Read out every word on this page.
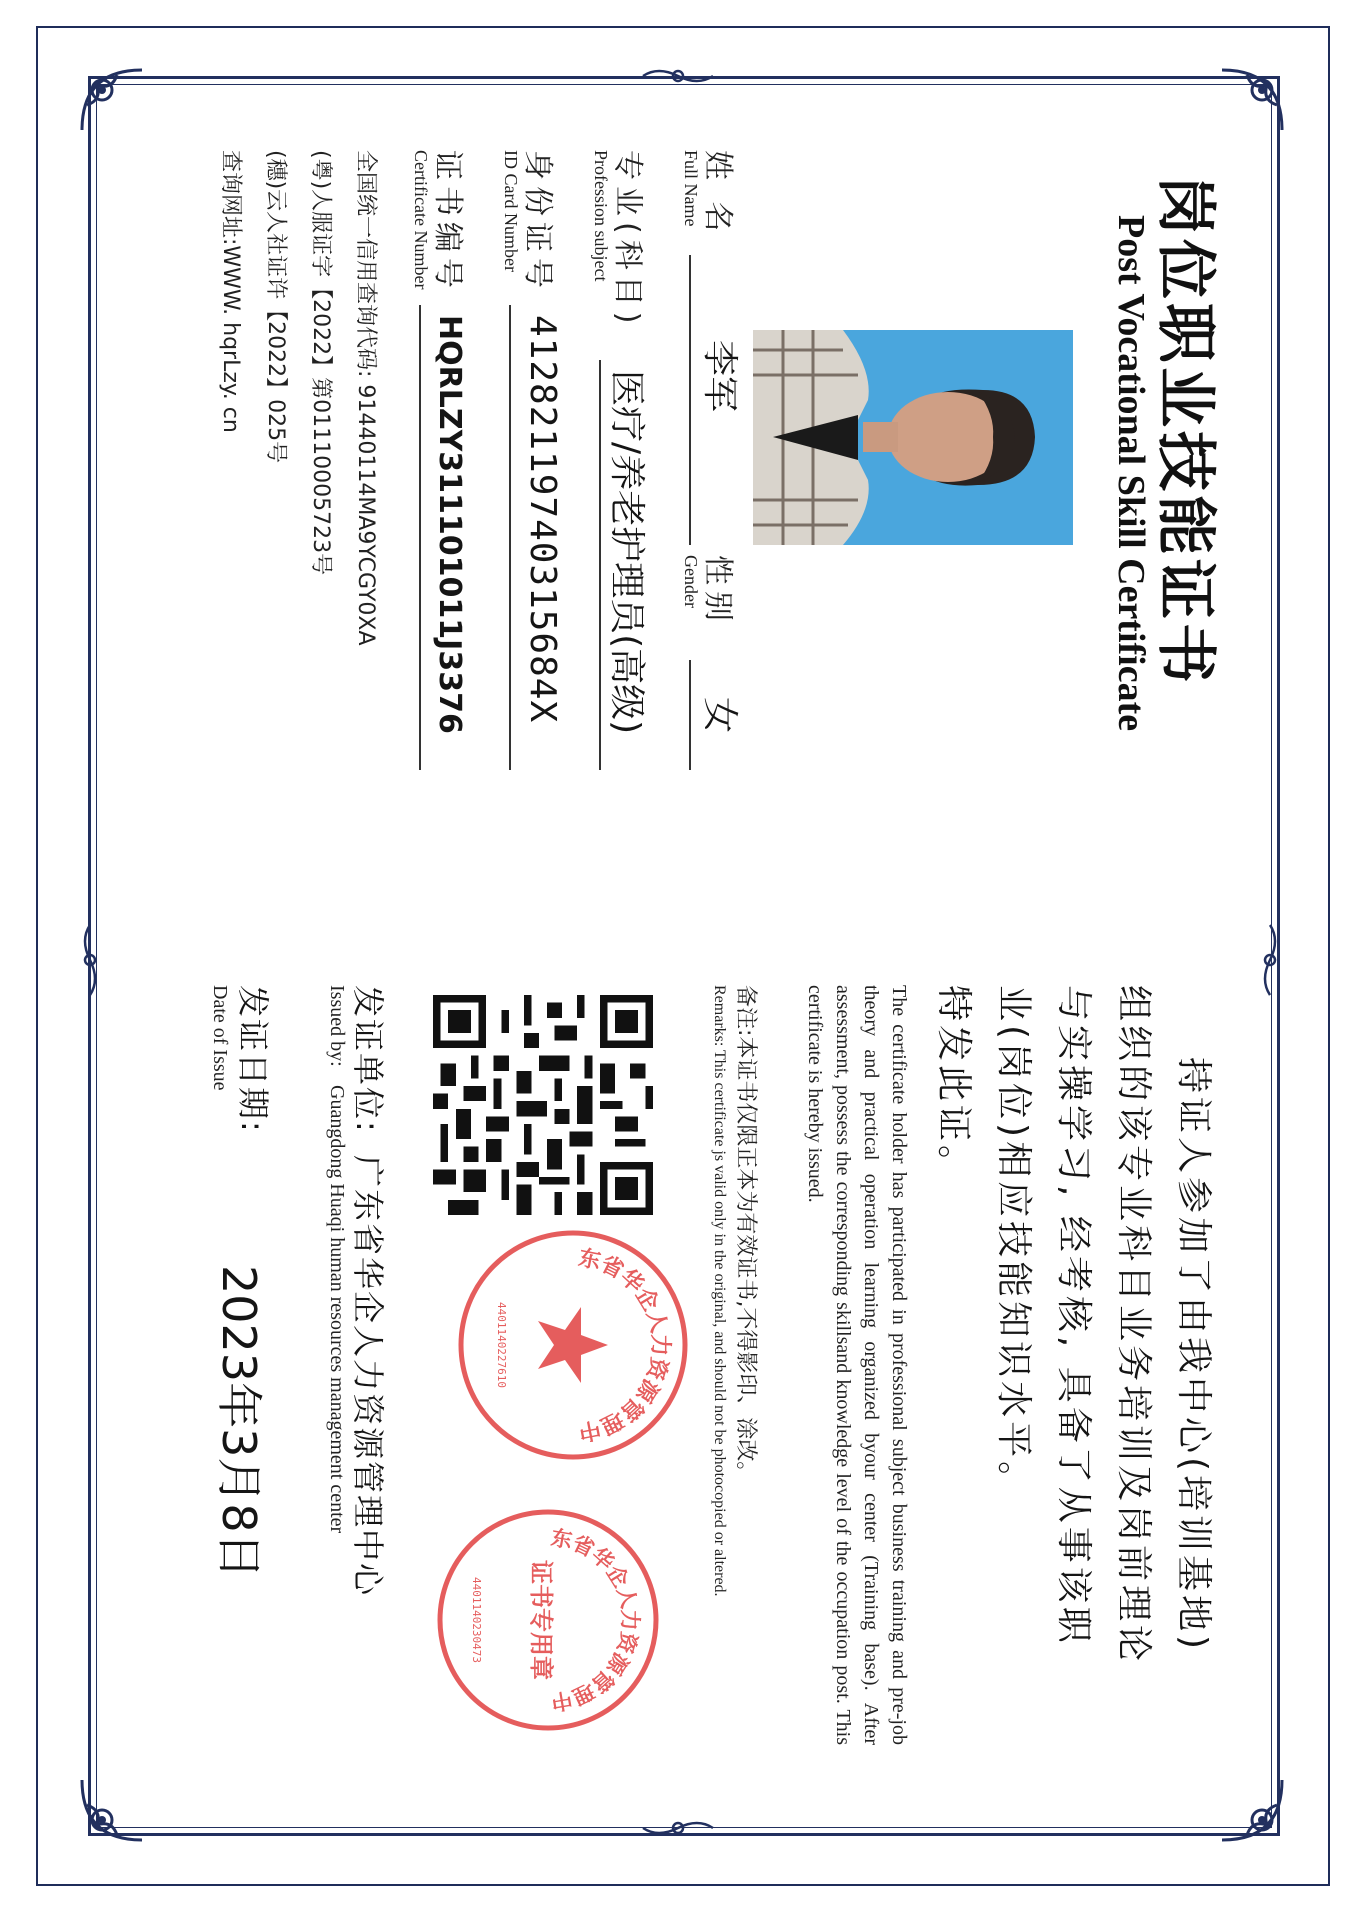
岗位职业技能证书
Post Vocational Skill Certificate
姓 名
Full Name
李军
性别
Gender
女
专业(科目)
Profession subject
医疗/养老护理员(高级)
身份证号
ID Card Number
41282119740315684X
证书编号
Certificate Number
HQRLZY311101011J3376
全国统一信用查询代码: 91440114MA9YCGY0XA
(粤)人服证字【2022】第01110005723号
(穗)云人社证许【2022】025号
查询网址:WWW. hqrLzy. cn
持证人参加了由我中心(培训基地)
组织的该专业科目业务培训及岗前理论
与实操学习, 经考核, 具备了从事该职
业(岗位)相应技能知识水平。
特发此证。
The certificate holder has participated in professional subject business training and pre-job theory and practical operation learning organized byour center (Training base). After assessment, possess the corresponding skillsand knowledge level of the occupation post. This certificate is hereby issued.
备注:本证书仅限正本为有效证书,不得影印、涂改。
Remarks: This certificate js valid only in the original, and should not be photocopied or altered.
发证单位:
广东省华企人力资源管理中心
Issued by:
Guangdong Huaqi human resources management center
发证日期:
Date of Issue
2023年3月8日
东省华企人力资源管理中
4401140227610
东省华企人力资源管理中
证书专用章
4401140230473
